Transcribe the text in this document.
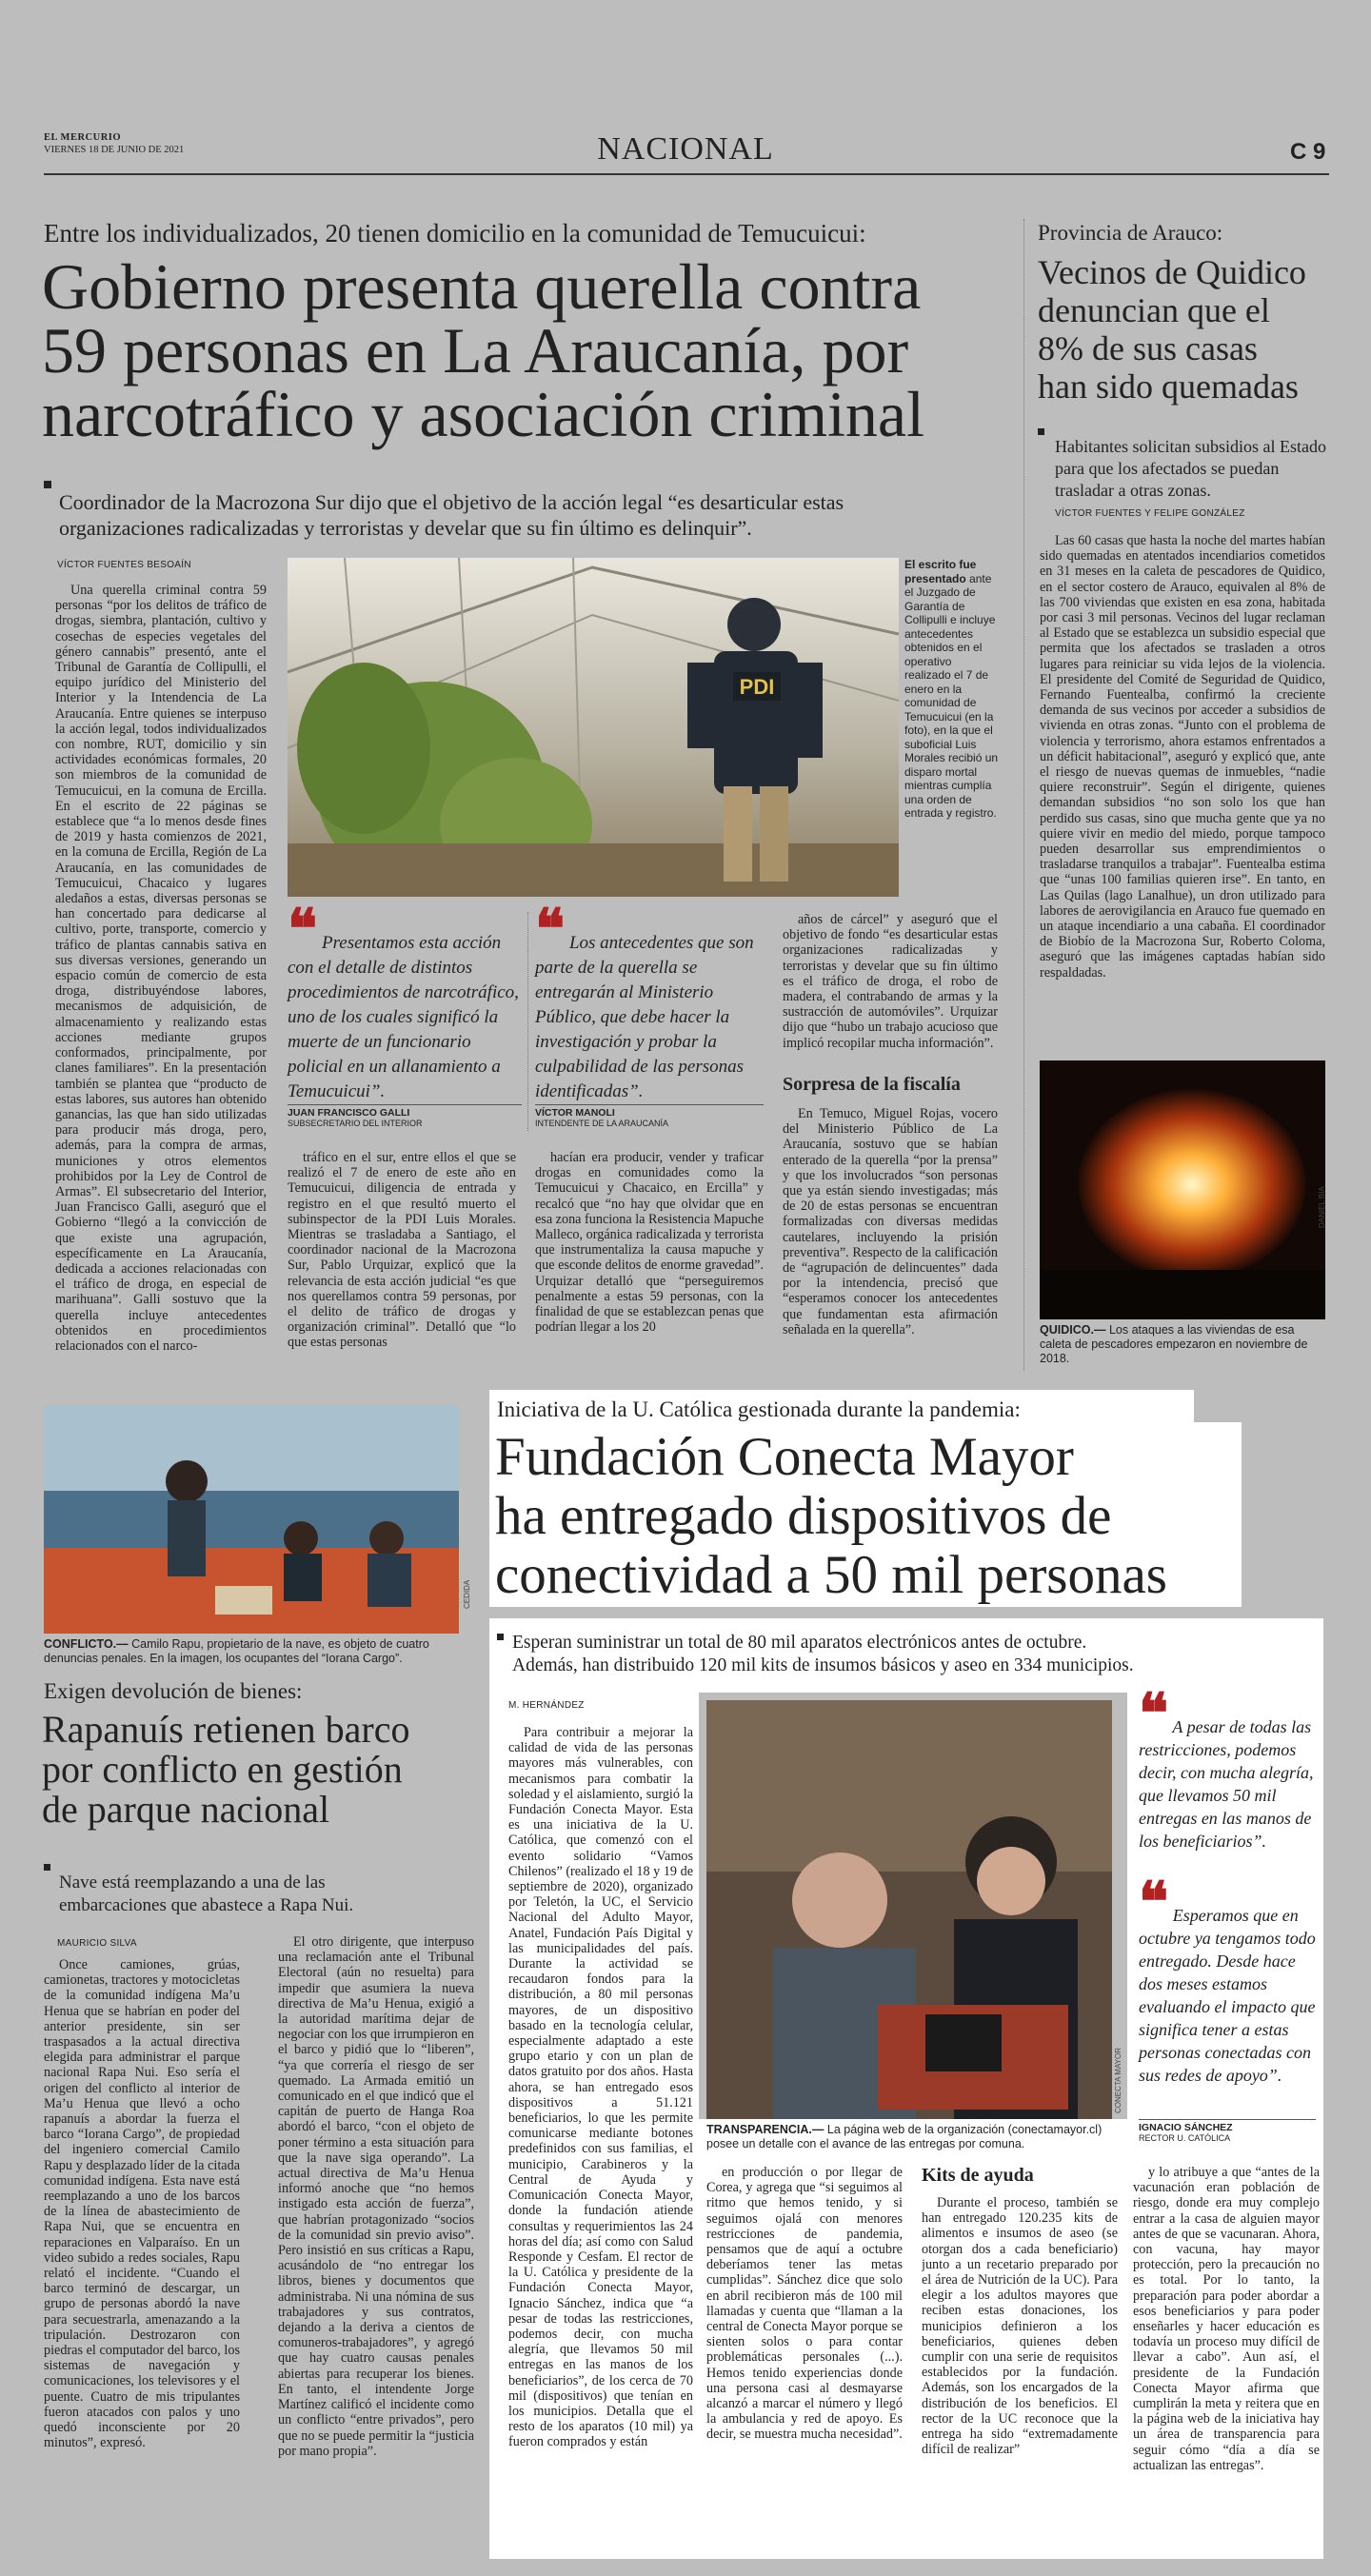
EL MERCURIO
VIERNES 18 DE JUNIO DE 2021	NACIONAL	C 9
Entre los individualizados, 20 tienen domicilio en la comunidad de Temucuicui:
Gobierno presenta querella contra
59 personas en La Araucanía, por
narcotráfico y asociación criminal
Coordinador de la Macrozona Sur dijo que el objetivo de la acción legal “es desarticular estas
organizaciones radicalizadas y terroristas y develar que su fin último es delinquir”.
VÍCTOR FUENTES BESOAÍN

Una querella criminal contra 59 personas “por los delitos de tráfico de drogas, siembra, plantación, cultivo y cosechas de especies vegetales del género cannabis” presentó, ante el Tribunal de Garantía de Collipulli, el equipo jurídico del Ministerio del Interior y la Intendencia de La Araucanía. Entre quienes se interpuso la acción legal, todos individualizados con nombre, RUT, domicilio y sin actividades económicas formales, 20 son miembros de la comunidad de Temucuicui, en la comuna de Ercilla. En el escrito de 22 páginas se establece que “a lo menos desde fines de 2019 y hasta comienzos de 2021, en la comuna de Ercilla, Región de La Araucanía, en las comunidades de Temucuicui, Chacaico y lugares aledaños a estas, diversas personas se han concertado para dedicarse al cultivo, porte, transporte, comercio y tráfico de plantas cannabis sativa en sus diversas versiones, generando un espacio común de comercio de esta droga, distribuyéndose labores, mecanismos de adquisición, de almacenamiento y realizando estas acciones mediante grupos conformados, principalmente, por clanes familiares”. En la presentación también se plantea que “producto de estas labores, sus autores han obtenido ganancias, las que han sido utilizadas para producir más droga, pero, además, para la compra de armas, municiones y otros elementos prohibidos por la Ley de Control de Armas”. El subsecretario del Interior, Juan Francisco Galli, aseguró que el Gobierno “llegó a la convicción de que existe una agrupación, específicamente en La Araucanía, dedicada a acciones relacionadas con el tráfico de droga, en especial de marihuana”. Galli sostuvo que la querella incluye antecedentes obtenidos en procedimientos relacionados con el narco-

PDI
El escrito fue presentado ante el Juzgado de Garantía de Collipulli e incluye antecedentes obtenidos en el operativo realizado el 7 de enero en la comunidad de Temucuicui (en la foto), en la que el suboficial Luis Morales recibió un disparo mortal mientras cumplía una orden de entrada y registro.
❝ Presentamos esta acción con el detalle de distintos procedimientos de narcotráfico, uno de los cuales significó la muerte de un funcionario policial en un allanamiento a Temucuicui”.
JUAN FRANCISCO GALLI
SUBSECRETARIO DEL INTERIOR
❝ Los antecedentes que son parte de la querella se entregarán al Ministerio Público, que debe hacer la investigación y probar la culpabilidad de las personas identificadas”.
VÍCTOR MANOLI
INTENDENTE DE LA ARAUCANÍA

tráfico en el sur, entre ellos el que se realizó el 7 de enero de este año en Temucuicui, diligencia de entrada y registro en el que resultó muerto el subinspector de la PDI Luis Morales. Mientras se trasladaba a Santiago, el coordinador nacional de la Macrozona Sur, Pablo Urquizar, explicó que la relevancia de esta acción judicial “es que nos querellamos contra 59 personas, por el delito de tráfico de drogas y organización criminal”. Detalló que “lo que estas personas

hacían era producir, vender y traficar drogas en comunidades como la Temucuicui y Chacaico, en Ercilla” y recalcó que “no hay que olvidar que en esa zona funciona la Resistencia Mapuche Malleco, orgánica radicalizada y terrorista que instrumentaliza la causa mapuche y que esconde delitos de enorme gravedad”. Urquizar detalló que “perseguiremos penalmente a estas 59 personas, con la finalidad de que se establezcan penas que podrían llegar a los 20

años de cárcel” y aseguró que el objetivo de fondo “es desarticular estas organizaciones radicalizadas y terroristas y develar que su fin último es el tráfico de droga, el robo de madera, el contrabando de armas y la sustracción de automóviles”. Urquizar dijo que “hubo un trabajo acucioso que implicó recopilar mucha información”.

Sorpresa de la fiscalía

En Temuco, Miguel Rojas, vocero del Ministerio Público de La Araucanía, sostuvo que se habían enterado de la querella “por la prensa” y que los involucrados “son personas que ya están siendo investigadas; más de 20 de estas personas se encuentran formalizadas con diversas medidas cautelares, incluyendo la prisión preventiva”. Respecto de la calificación de “agrupación de delincuentes” dada por la intendencia, precisó que “esperamos conocer los antecedentes que fundamentan esta afirmación señalada en la querella”.

Provincia de Arauco:
Vecinos de Quidico
denuncian que el
8% de sus casas
han sido quemadas
Habitantes solicitan subsidios al Estado para que los afectados se puedan trasladar a otras zonas.
VÍCTOR FUENTES Y FELIPE GONZÁLEZ

Las 60 casas que hasta la noche del martes habían sido quemadas en atentados incendiarios cometidos en 31 meses en la caleta de pescadores de Quidico, en el sector costero de Arauco, equivalen al 8% de las 700 viviendas que existen en esa zona, habitada por casi 3 mil personas. Vecinos del lugar reclaman al Estado que se establezca un subsidio especial que permita que los afectados se trasladen a otros lugares para reiniciar su vida lejos de la violencia. El presidente del Comité de Seguridad de Quidico, Fernando Fuentealba, confirmó la creciente demanda de sus vecinos por acceder a subsidios de vivienda en otras zonas. “Junto con el problema de violencia y terrorismo, ahora estamos enfrentados a un déficit habitacional”, aseguró y explicó que, ante el riesgo de nuevas quemas de inmuebles, “nadie quiere reconstruir”. Según el dirigente, quienes demandan subsidios “no son solo los que han perdido sus casas, sino que mucha gente que ya no quiere vivir en medio del miedo, porque tampoco pueden desarrollar sus emprendimientos o trasladarse tranquilos a trabajar”. Fuentealba estima que “unas 100 familias quieren irse”. En tanto, en Las Quilas (lago Lanalhue), un dron utilizado para labores de aerovigilancia en Arauco fue quemado en un ataque incendiario a una cabaña. El coordinador de Biobío de la Macrozona Sur, Roberto Coloma, aseguró que las imágenes captadas habían sido respaldadas.

DANIEL BIA
QUIDICO.— Los ataques a las viviendas de esa caleta de pescadores empezaron en noviembre de 2018.
CEDIDA
CONFLICTO.— Camilo Rapu, propietario de la nave, es objeto de cuatro denuncias penales. En la imagen, los ocupantes del “Iorana Cargo”.
Exigen devolución de bienes:
Rapanuís retienen barco
por conflicto en gestión
de parque nacional
Nave está reemplazando a una de las
embarcaciones que abastece a Rapa Nui.
MAURICIO SILVA

Once camiones, grúas, camionetas, tractores y motocicletas de la comunidad indígena Ma’u Henua que se habrían en poder del anterior presidente, sin ser traspasados a la actual directiva elegida para administrar el parque nacional Rapa Nui. Eso sería el origen del conflicto al interior de Ma’u Henua que llevó a ocho rapanuís a abordar la fuerza el barco “Iorana Cargo”, de propiedad del ingeniero comercial Camilo Rapu y desplazado líder de la citada comunidad indígena. Esta nave está reemplazando a uno de los barcos de la línea de abastecimiento de Rapa Nui, que se encuentra en reparaciones en Valparaíso. En un video subido a redes sociales, Rapu relató el incidente. “Cuando el barco terminó de descargar, un grupo de personas abordó la nave para secuestrarla, amenazando a la tripulación. Destrozaron con piedras el computador del barco, los sistemas de navegación y comunicaciones, los televisores y el puente. Cuatro de mis tripulantes fueron atacados con palos y uno quedó inconsciente por 20 minutos”, expresó.

El otro dirigente, que interpuso una reclamación ante el Tribunal Electoral (aún no resuelta) para impedir que asumiera la nueva directiva de Ma’u Henua, exigió a la autoridad marítima dejar de negociar con los que irrumpieron en el barco y pidió que lo “liberen”, “ya que correría el riesgo de ser quemado. La Armada emitió un comunicado en el que indicó que el capitán de puerto de Hanga Roa abordó el barco, “con el objeto de poner término a esta situación para que la nave siga operando”. La actual directiva de Ma’u Henua informó anoche que “no hemos instigado esta acción de fuerza”, que habrían protagonizado “socios de la comunidad sin previo aviso”. Pero insistió en sus críticas a Rapu, acusándolo de “no entregar los libros, bienes y documentos que administraba. Ni una nómina de sus trabajadores y sus contratos, dejando a la deriva a cientos de comuneros-trabajadores”, y agregó que hay cuatro causas penales abiertas para recuperar los bienes. En tanto, el intendente Jorge Martínez calificó el incidente como un conflicto “entre privados”, pero que no se puede permitir la “justicia por mano propia”.

Iniciativa de la U. Católica gestionada durante la pandemia:
Fundación Conecta Mayor
ha entregado dispositivos de
conectividad a 50 mil personas
Esperan suministrar un total de 80 mil aparatos electrónicos antes de octubre.
Además, han distribuido 120 mil kits de insumos básicos y aseo en 334 municipios.
M. HERNÁNDEZ

Para contribuir a mejorar la calidad de vida de las personas mayores más vulnerables, con mecanismos para combatir la soledad y el aislamiento, surgió la Fundación Conecta Mayor. Esta es una iniciativa de la U. Católica, que comenzó con el evento solidario “Vamos Chilenos” (realizado el 18 y 19 de septiembre de 2020), organizado por Teletón, la UC, el Servicio Nacional del Adulto Mayor, Anatel, Fundación País Digital y las municipalidades del país. Durante la actividad se recaudaron fondos para la distribución, a 80 mil personas mayores, de un dispositivo basado en la tecnología celular, especialmente adaptado a este grupo etario y con un plan de datos gratuito por dos años. Hasta ahora, se han entregado esos dispositivos a 51.121 beneficiarios, lo que les permite comunicarse mediante botones predefinidos con sus familias, el municipio, Carabineros y la Central de Ayuda y Comunicación Conecta Mayor, donde la fundación atiende consultas y requerimientos las 24 horas del día; así como con Salud Responde y Cesfam. El rector de la U. Católica y presidente de la Fundación Conecta Mayor, Ignacio Sánchez, indica que “a pesar de todas las restricciones, podemos decir, con mucha alegría, que llevamos 50 mil entregas en las manos de los beneficiarios”, de los cerca de 70 mil (dispositivos) que tenían en los municipios. Detalla que el resto de los aparatos (10 mil) ya fueron comprados y están

CONECTA MAYOR
TRANSPARENCIA.— La página web de la organización (conectamayor.cl) posee un detalle con el avance de las entregas por comuna.
❝ A pesar de todas las restricciones, podemos decir, con mucha alegría, que llevamos 50 mil entregas en las manos de los beneficiarios”.
❝ Esperamos que en octubre ya tengamos todo entregado. Desde hace dos meses estamos evaluando el impacto que significa tener a estas personas conectadas con sus redes de apoyo”.
IGNACIO SÁNCHEZ
RECTOR U. CATÓLICA

en producción o por llegar de Corea, y agrega que “si seguimos al ritmo que hemos tenido, y si seguimos ojalá con menores restricciones de pandemia, pensamos que de aquí a octubre deberíamos tener las metas cumplidas”. Sánchez dice que solo en abril recibieron más de 100 mil llamadas y cuenta que “llaman a la central de Conecta Mayor porque se sienten solos o para contar problemáticas personales (...). Hemos tenido experiencias donde una persona casi al desmayarse alcanzó a marcar el número y llegó la ambulancia y red de apoyo. Es decir, se muestra mucha necesidad”.

Kits de ayuda

Durante el proceso, también se han entregado 120.235 kits de alimentos e insumos de aseo (se otorgan dos a cada beneficiario) junto a un recetario preparado por el área de Nutrición de la UC). Para elegir a los adultos mayores que reciben estas donaciones, los municipios definieron a los beneficiarios, quienes deben cumplir con una serie de requisitos establecidos por la fundación. Además, son los encargados de la distribución de los beneficios. El rector de la UC reconoce que la entrega ha sido “extremadamente difícil de realizar”

y lo atribuye a que “antes de la vacunación eran población de riesgo, donde era muy complejo entrar a la casa de alguien mayor antes de que se vacunaran. Ahora, con vacuna, hay mayor protección, pero la precaución no es total. Por lo tanto, la preparación para poder abordar a esos beneficiarios y para poder enseñarles y hacer educación es todavía un proceso muy difícil de llevar a cabo”. Aun así, el presidente de la Fundación Conecta Mayor afirma que cumplirán la meta y reitera que en la página web de la iniciativa hay un área de transparencia para seguir cómo “día a día se actualizan las entregas”.
